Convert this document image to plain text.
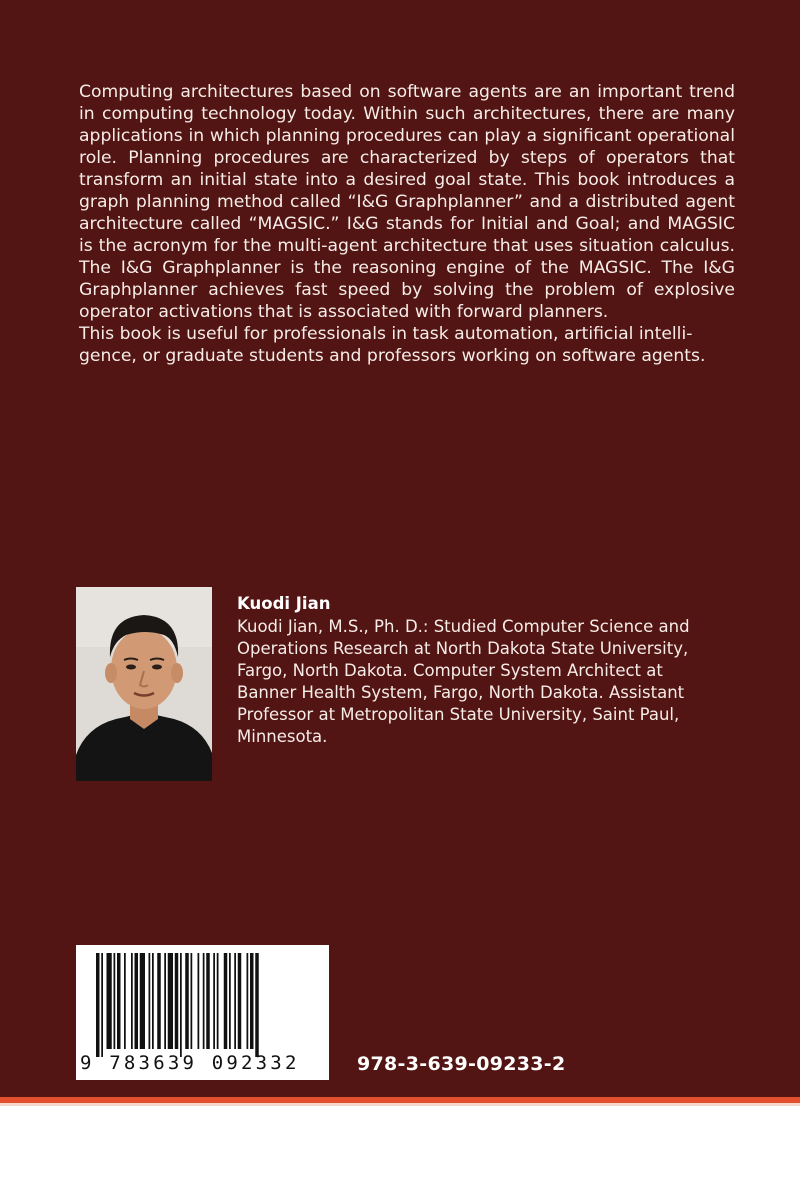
Computing architectures based on software agents are an important trend in computing technology today. Within such architectures, there are many applications in which planning procedures can play a significant operational role. Planning procedures are characterized by steps of operators that transform an initial state into a desired goal state. This book introduces a graph planning method called “I&G Graphplanner” and a distributed agent architecture called “MAGSIC.” I&G stands for Initial and Goal; and MAGSIC is the acronym for the multi-agent architecture that uses situation calculus. The I&G Graphplanner is the reasoning engine of the MAGSIC. The I&G Graphplanner achieves fast speed by solving the problem of explosive operator activations that is associated with forward planners.

This book is useful for professionals in task automation, artificial intelli-gence, or graduate students and professors working on software agents.

Kuodi Jian

Kuodi Jian, M.S., Ph. D.: Studied Computer Science and Operations Research at North Dakota State University, Fargo, North Dakota. Computer System Architect at Banner Health System, Fargo, North Dakota. Assistant Professor at Metropolitan State University, Saint Paul, Minnesota.

9 783639 092332	978-3-639-09233-2
